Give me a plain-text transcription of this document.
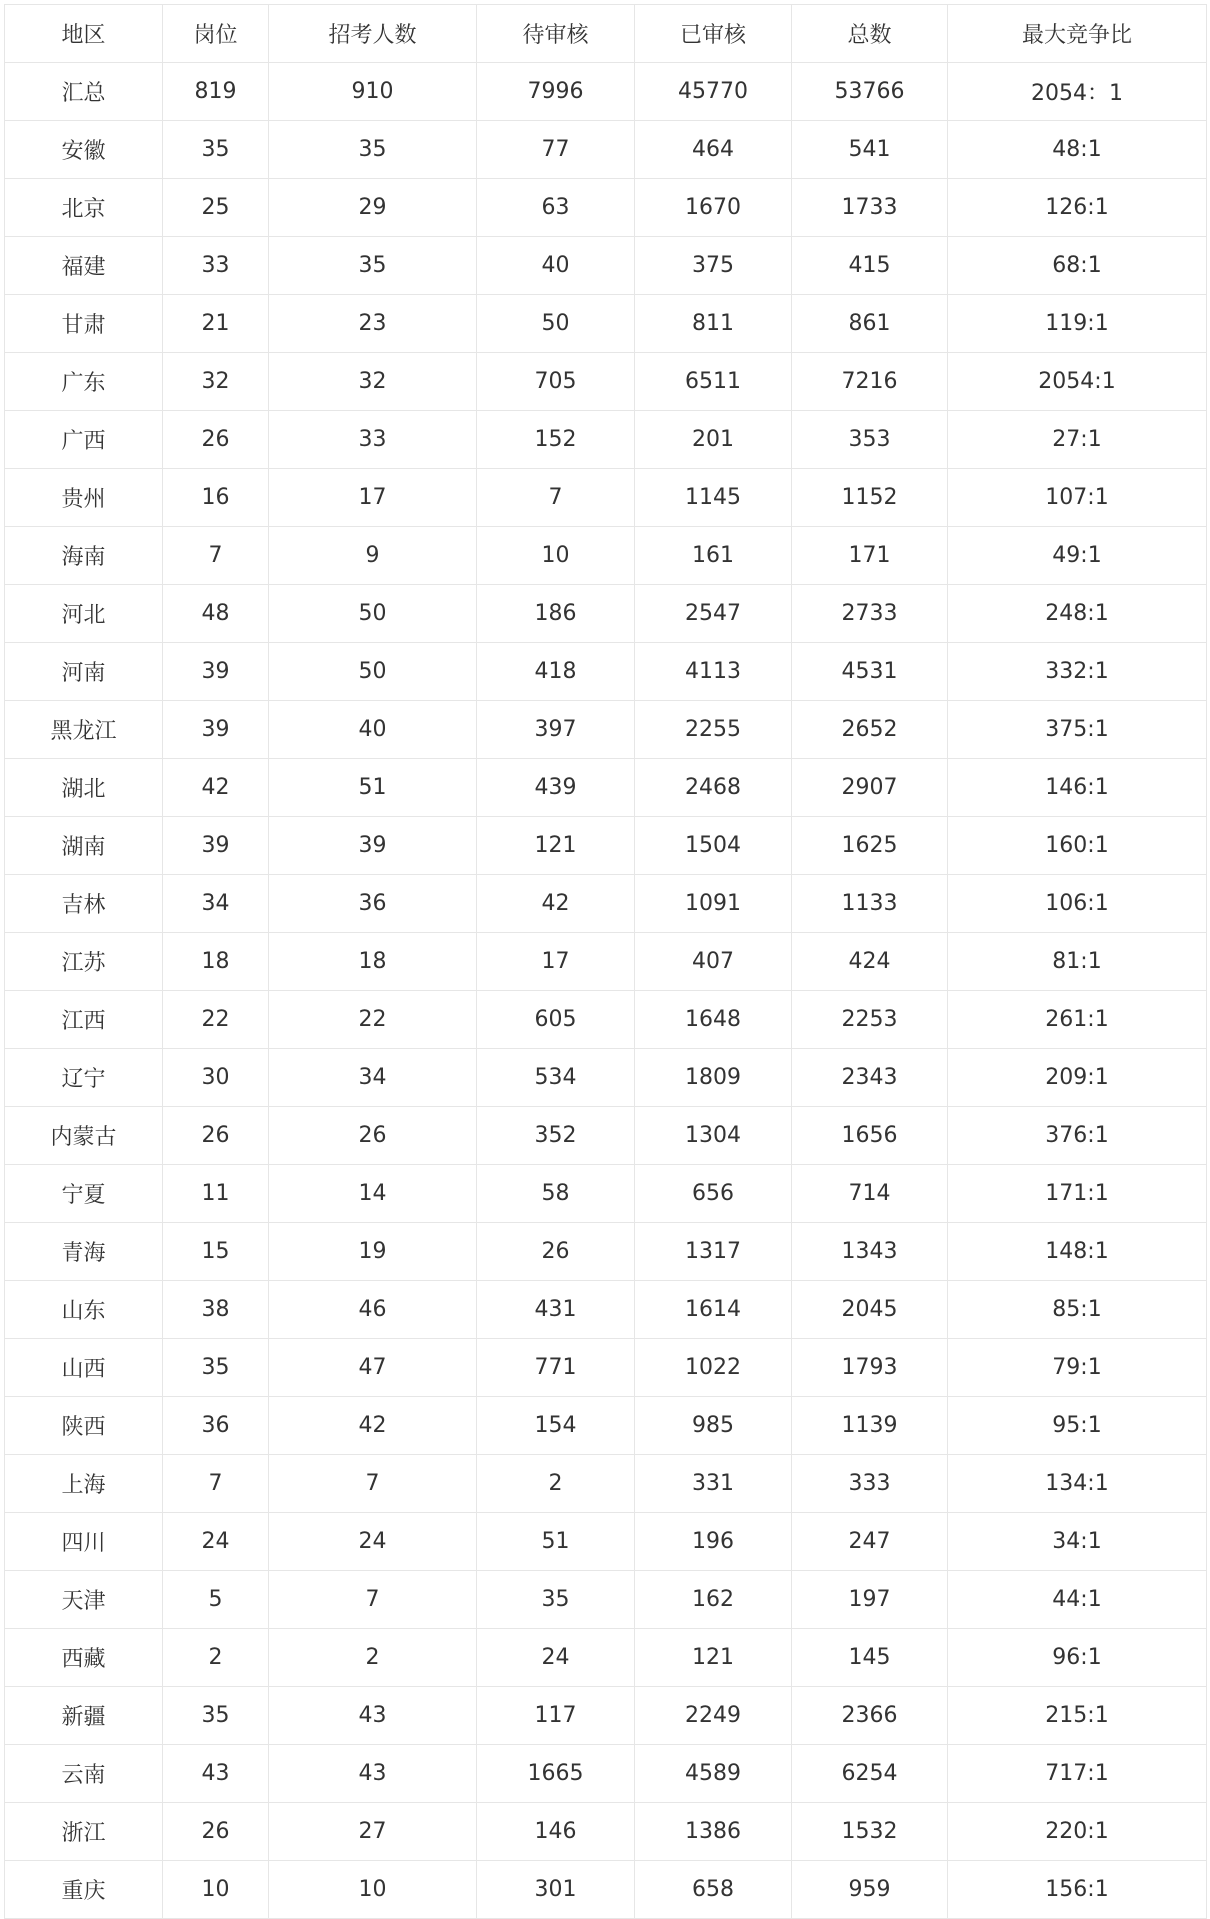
地区	岗位	招考人数	待审核	已审核	总数	最大竞争比
汇总	819	910	7996	45770	53766	2054：1
安徽	35	35	77	464	541	48:1
北京	25	29	63	1670	1733	126:1
福建	33	35	40	375	415	68:1
甘肃	21	23	50	811	861	119:1
广东	32	32	705	6511	7216	2054:1
广西	26	33	152	201	353	27:1
贵州	16	17	7	1145	1152	107:1
海南	7	9	10	161	171	49:1
河北	48	50	186	2547	2733	248:1
河南	39	50	418	4113	4531	332:1
黑龙江	39	40	397	2255	2652	375:1
湖北	42	51	439	2468	2907	146:1
湖南	39	39	121	1504	1625	160:1
吉林	34	36	42	1091	1133	106:1
江苏	18	18	17	407	424	81:1
江西	22	22	605	1648	2253	261:1
辽宁	30	34	534	1809	2343	209:1
内蒙古	26	26	352	1304	1656	376:1
宁夏	11	14	58	656	714	171:1
青海	15	19	26	1317	1343	148:1
山东	38	46	431	1614	2045	85:1
山西	35	47	771	1022	1793	79:1
陕西	36	42	154	985	1139	95:1
上海	7	7	2	331	333	134:1
四川	24	24	51	196	247	34:1
天津	5	7	35	162	197	44:1
西藏	2	2	24	121	145	96:1
新疆	35	43	117	2249	2366	215:1
云南	43	43	1665	4589	6254	717:1
浙江	26	27	146	1386	1532	220:1
重庆	10	10	301	658	959	156:1
